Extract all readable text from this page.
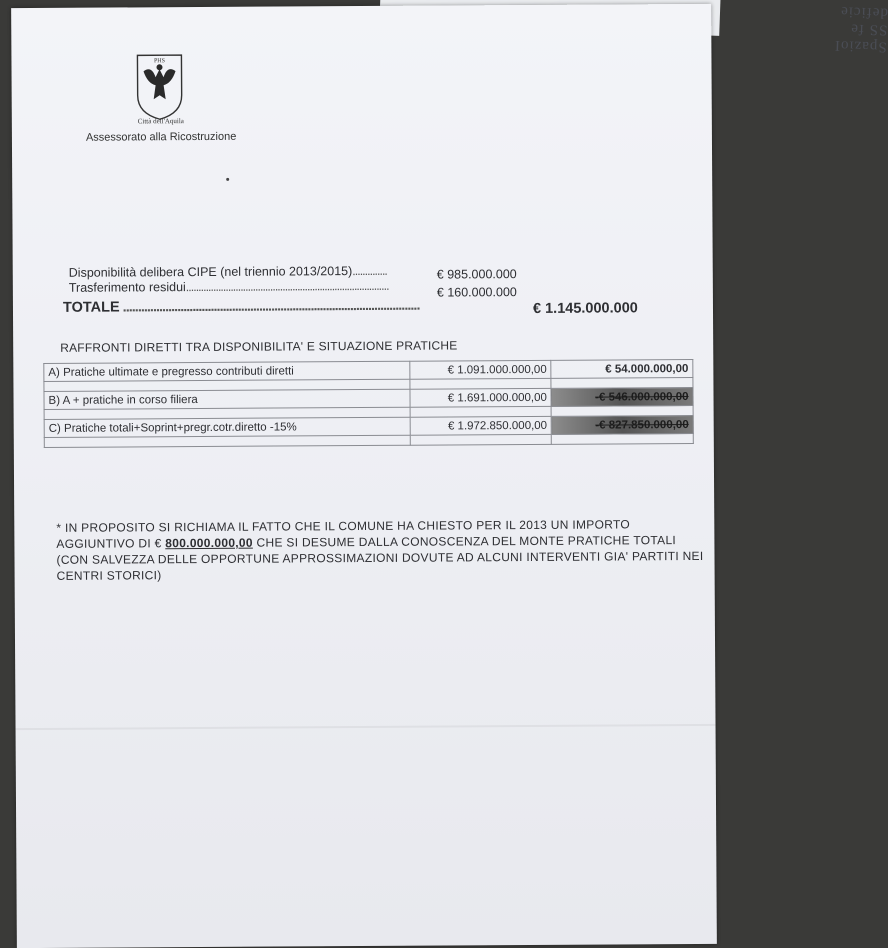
SpazioI SS fe deficie
PHS
Città dell'Aquila
Assessorato alla Ricostruzione
Disponibilità delibera CIPE (nel triennio 2013/2015)..............	€ 985.000.000
Trasferimento residui..................................................................................	€ 160.000.000
TOTALE ..................................................................................................	€ 1.145.000.000
RAFFRONTI DIRETTI TRA DISPONIBILITA' E SITUAZIONE PRATICHE
A) Pratiche ultimate e pregresso contributi diretti	€ 1.091.000.000,00	€ 54.000.000,00

B) A + pratiche in corso filiera	€ 1.691.000.000,00	-€ 546.000.000,00

C) Pratiche totali+Soprint+pregr.cotr.diretto -15%	€ 1.972.850.000,00	-€ 827.850.000,00

* IN PROPOSITO SI RICHIAMA IL FATTO CHE IL COMUNE HA CHIESTO PER IL 2013 UN IMPORTO AGGIUNTIVO DI € 800.000.000,00 CHE SI DESUME DALLA CONOSCENZA DEL MONTE PRATICHE TOTALI (CON SALVEZZA DELLE OPPORTUNE APPROSSIMAZIONI DOVUTE AD ALCUNI INTERVENTI GIA' PARTITI NEI CENTRI STORICI)
